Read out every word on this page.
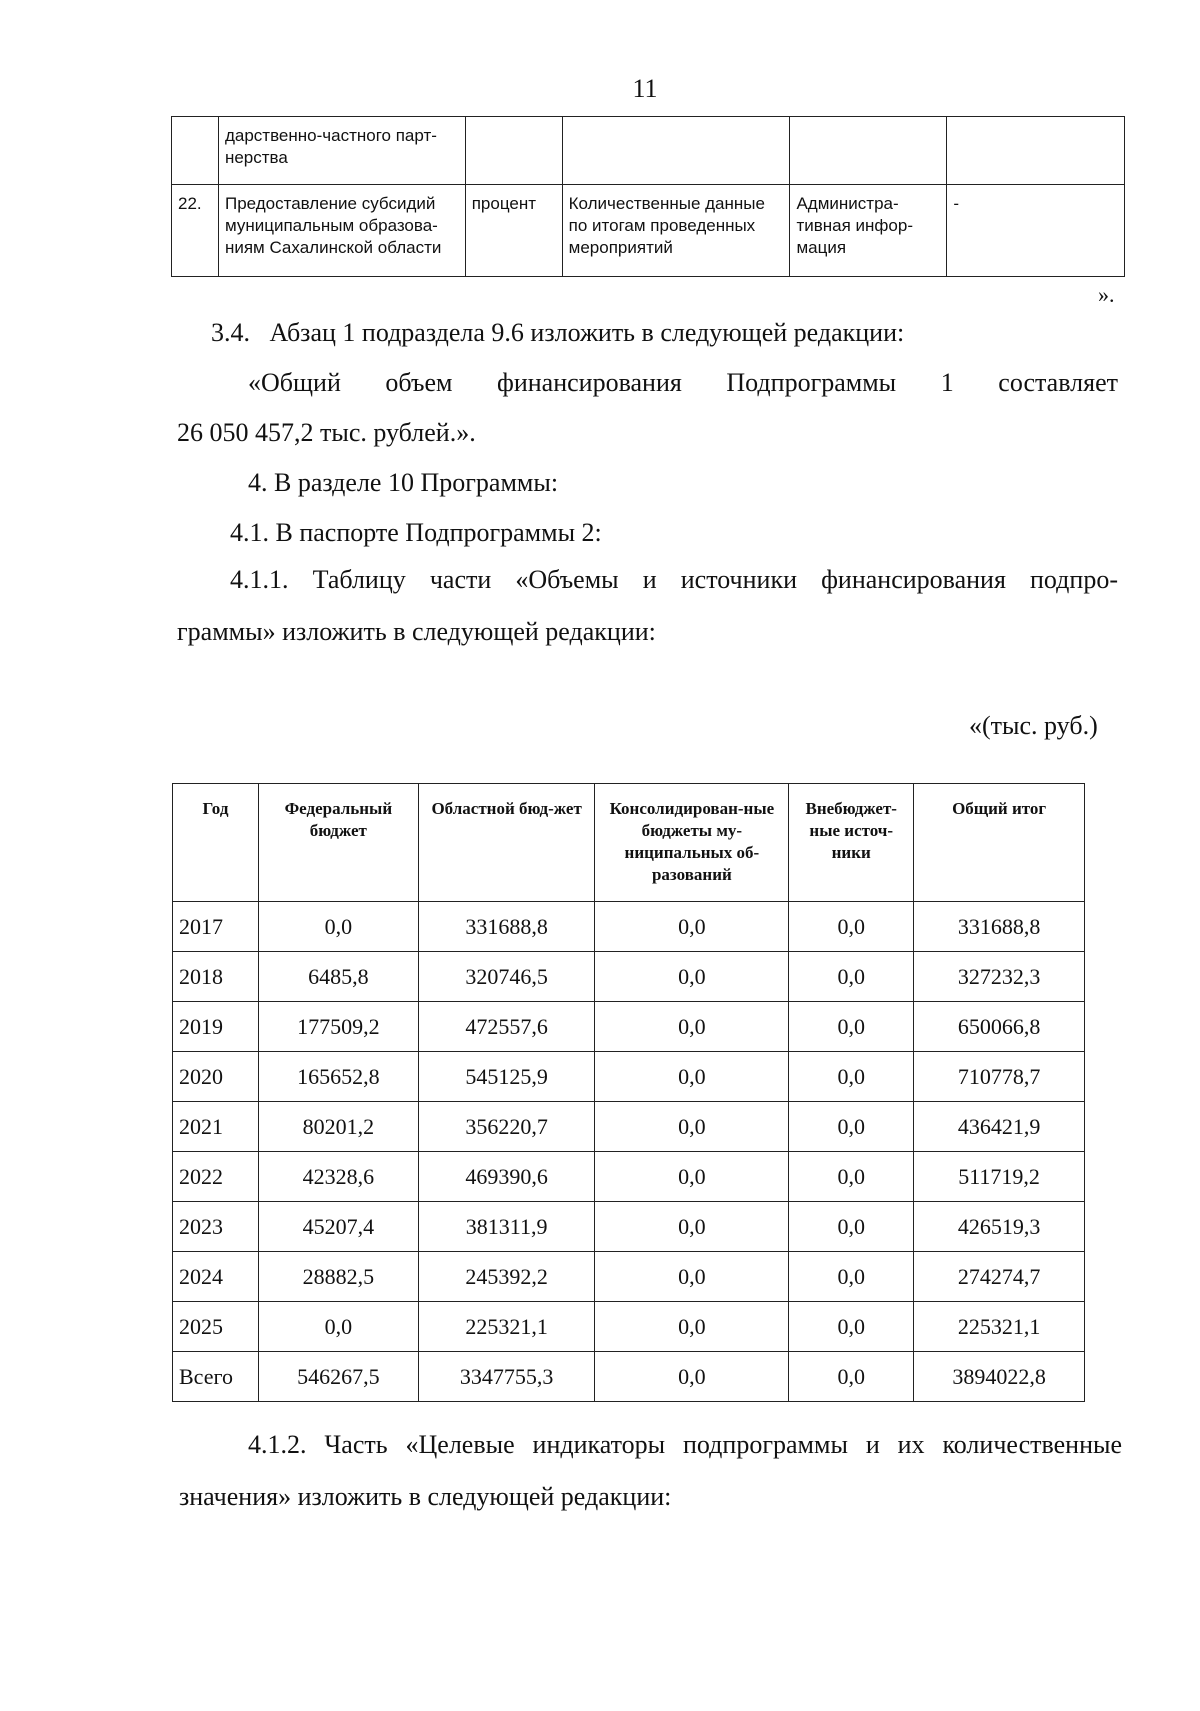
11
	дарственно-частного парт-нерства				
22.	Предоставление субсидий муниципальным образова-ниям Сахалинской области	процент	Количественные данные по итогам проведенных мероприятий	Администра-тивная инфор-мация	-
».
3.4.   Абзац 1 подраздела 9.6 изложить в следующей редакции:
«Общий объем финансирования Подпрограммы 1 составляет
26 050 457,2 тыс. рублей.».
4. В разделе 10 Программы:
4.1. В паспорте Подпрограммы 2:
4.1.1. Таблицу части «Объемы и источники финансирования подпро-
граммы» изложить в следующей редакции:
«(тыс. руб.)
Год	Федеральный бюджет	Областной бюд-жет	Консолидирован-ные бюджеты му-ниципальных об-разований	Внебюджет-ные источ-ники	Общий итог
2017	0,0	331688,8	0,0	0,0	331688,8
2018	6485,8	320746,5	0,0	0,0	327232,3
2019	177509,2	472557,6	0,0	0,0	650066,8
2020	165652,8	545125,9	0,0	0,0	710778,7
2021	80201,2	356220,7	0,0	0,0	436421,9
2022	42328,6	469390,6	0,0	0,0	511719,2
2023	45207,4	381311,9	0,0	0,0	426519,3
2024	28882,5	245392,2	0,0	0,0	274274,7
2025	0,0	225321,1	0,0	0,0	225321,1
Всего	546267,5	3347755,3	0,0	0,0	3894022,8
4.1.2. Часть «Целевые индикаторы подпрограммы и их количественные
значения» изложить в следующей редакции:
